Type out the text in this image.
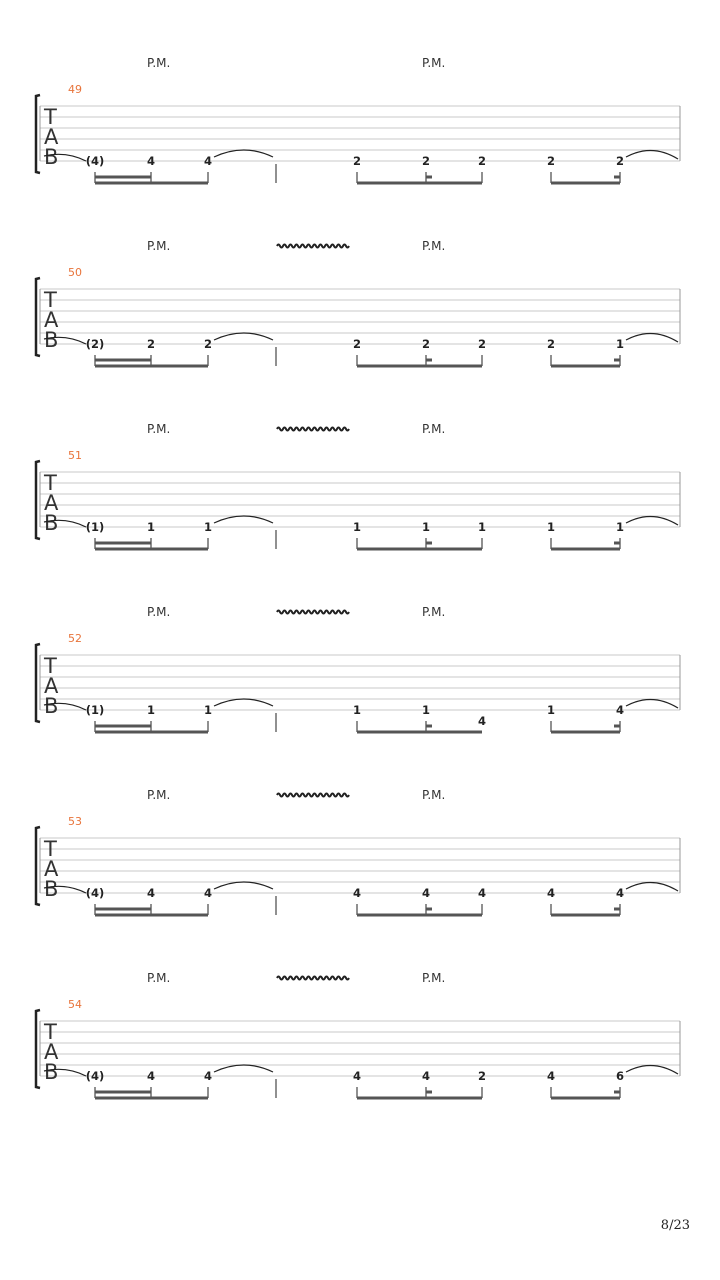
P.M.	P.M.
49
T
A
B (4)	4	4	2	2	2	2	2
P.M.	P.M.
50
T
A
B (2)	2	2	2	2	2	2	1
P.M.	P.M.
51
T
A
B (1)	1	1	1	1	1	1	1
P.M.	P.M.
52
T
A
B (1)	1	1	1	1
4
1	4
P.M.	P.M.
53
T
A
B (4)	4	4	4	4	4	4	4
P.M.	P.M.
54
T
A
B (4)	4	4	4	4	2	4	6
8/23
